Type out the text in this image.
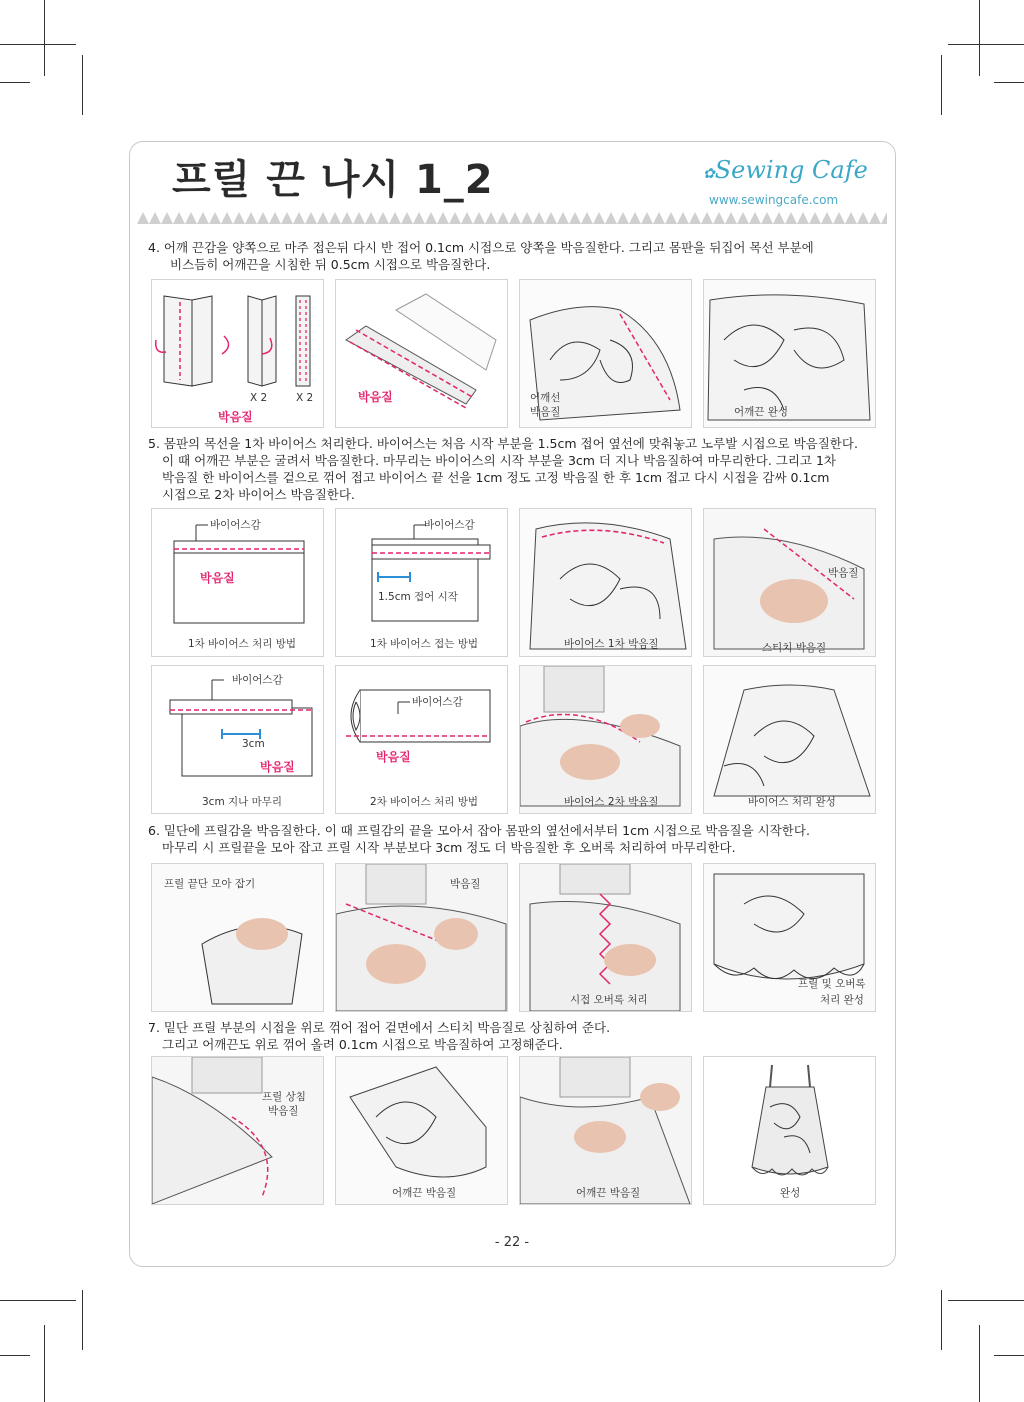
프릴 끈 나시 1_2	✿Sewing Cafe
www.sewingcafe.com
4. 어깨 끈감을 양쪽으로 마주 접은뒤 다시 반 접어 0.1cm 시접으로 양쪽을 박음질한다. 그리고 몸판을 뒤집어 목선 부분에
비스듬히 어깨끈을 시침한 뒤 0.5cm 시접으로 박음질한다.
X 2	X 2
박음질
박음질	어깨선
박음질	어깨끈 완성
5. 몸판의 목선을 1차 바이어스 처리한다. 바이어스는 처음 시작 부분을 1.5cm 접어 옆선에 맞춰놓고 노루발 시접으로 박음질한다.
이 때 어깨끈 부분은 굴려서 박음질한다. 마무리는 바이어스의 시작 부분을 3cm 더 지나 박음질하여 마무리한다. 그리고 1차
박음질 한 바이어스를 겉으로 꺾어 접고 바이어스 끝 선을 1cm 정도 고정 박음질 한 후 1cm 접고 다시 시접을 감싸 0.1cm
시접으로 2차 바이어스 박음질한다.
바이어스감
박음질
1차 바이어스 처리 방법
바이어스감
1.5cm 접어 시작
1차 바이어스 접는 방법	바이어스 1차 박음질
박음질
스티치 박음질
바이어스감
3cm
박음질
3cm 지나 마무리
바이어스감
박음질
2차 바이어스 처리 방법	바이어스 2차 박음질	바이어스 처리 완성
6. 밑단에 프릴감을 박음질한다. 이 때 프릴감의 끝을 모아서 잡아 몸판의 옆선에서부터 1cm 시접으로 박음질을 시작한다.
마무리 시 프릴끝을 모아 잡고 프릴 시작 부분보다 3cm 정도 더 박음질한 후 오버록 처리하여 마무리한다.
프릴 끝단 모아 잡기	박음질
시접 오버록 처리
프릴 및 오버록
처리 완성
7. 밑단 프릴 부분의 시접을 위로 꺾어 접어 겉면에서 스티치 박음질로 상침하여 준다.
그리고 어깨끈도 위로 꺾어 올려 0.1cm 시접으로 박음질하여 고정해준다.
프릴 상침
박음질
어깨끈 박음질	어깨끈 박음질	완성
- 22 -
